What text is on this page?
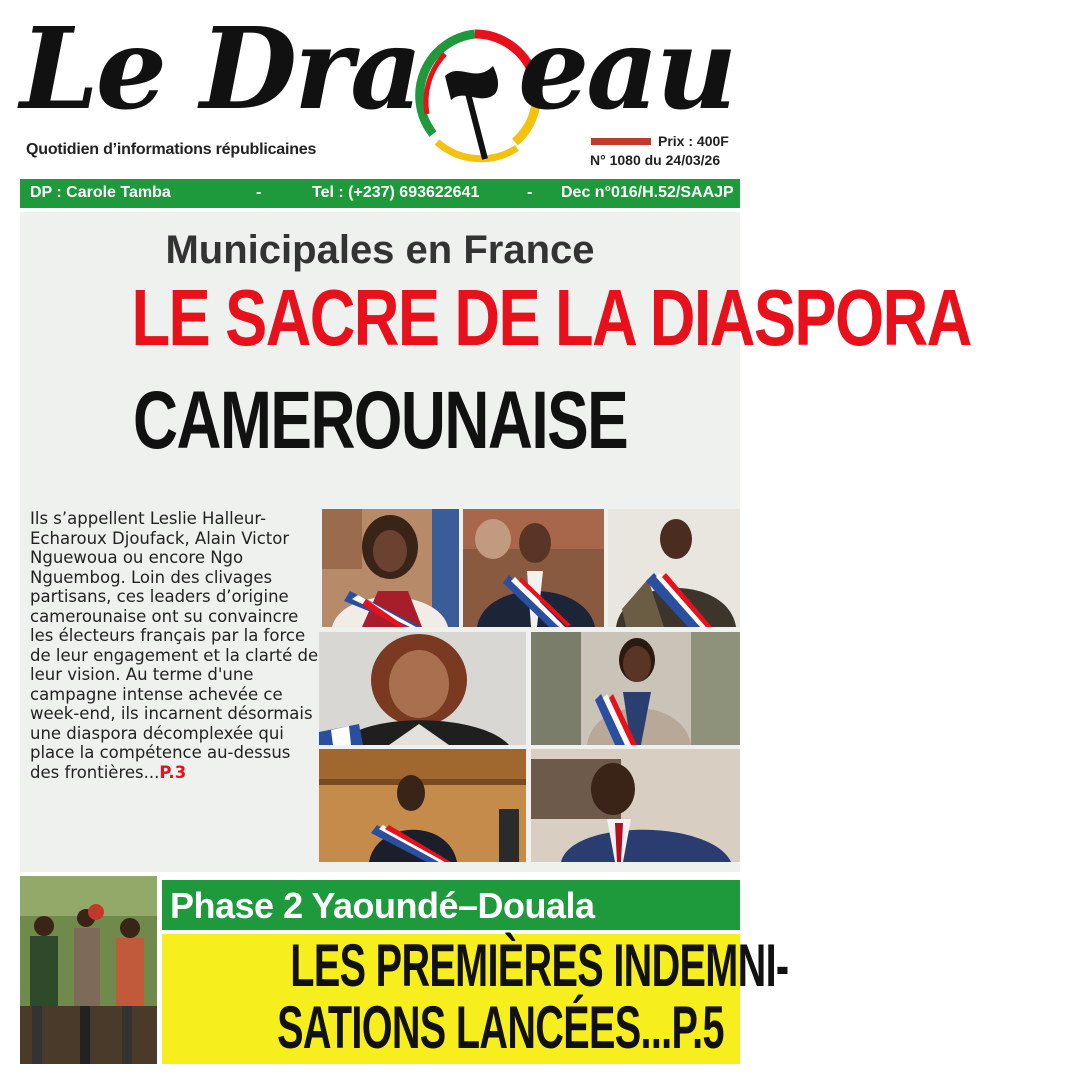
Le Dra eau
Quotidien d’informations républicaines	Prix : 400F
N° 1080 du 24/03/26
DP : Carole Tamba	-	Tel : (+237) 693622641	- Dec n°016/H.52/SAAJP
Municipales en France
LE SACRE DE LA DIASPORA
CAMEROUNAISE
Ils s’appellent Leslie Halleur-Echaroux Djoufack, Alain Victor Nguewoua ou encore Ngo Nguembog. Loin des clivages partisans, ces leaders d’origine camerounaise ont su convaincre les électeurs français par la force de leur engagement et la clarté de leur vision. Au terme d'une campagne intense achevée ce week-end, ils incarnent désormais une diaspora décomplexée qui place la compétence au-dessus des frontières...P.3
Phase 2 Yaoundé–Douala
LES PREMIÈRES INDEMNI-
SATIONS LANCÉES...P.5
